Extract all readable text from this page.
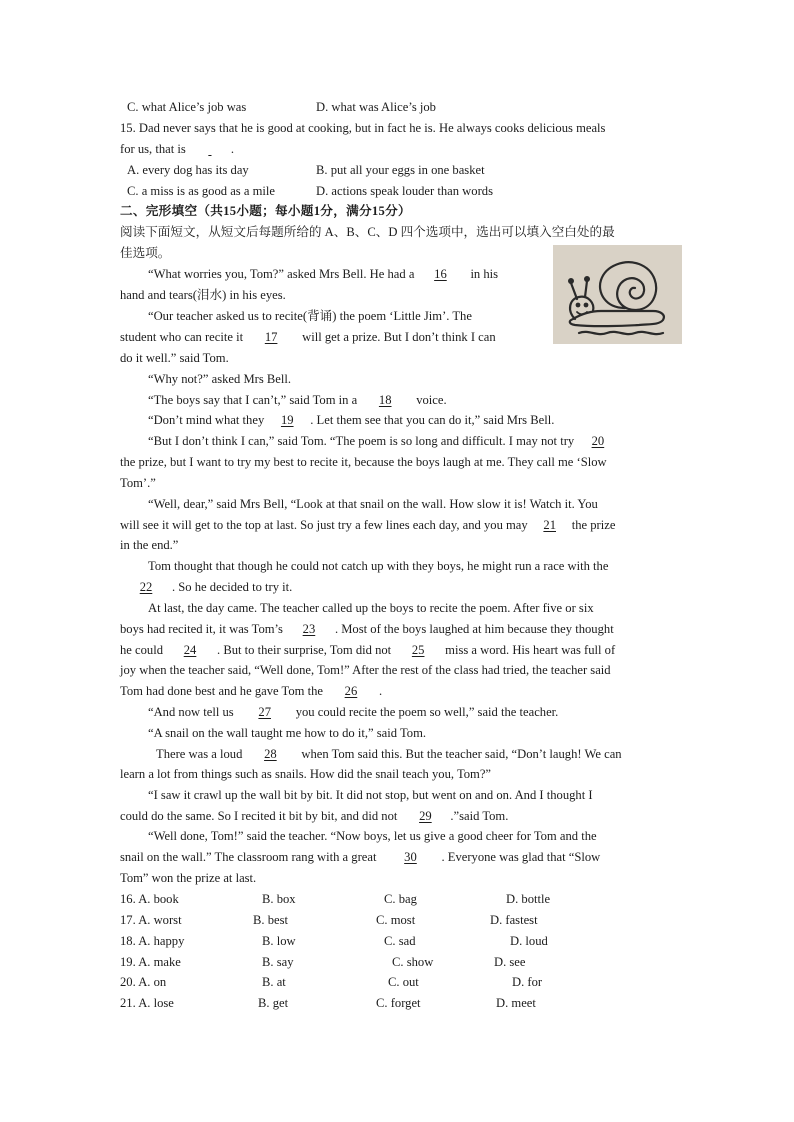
C. what Alice’s job was	D. what was Alice’s job
15. Dad never says that he is good at cooking, but in fact he is. He always cooks delicious meals
for us, that is	.
A. every dog has its day	B. put all your eggs in one basket
C. a miss is as good as a mile	D. actions speak louder than words
二、完形填空（共15小题；每小题1分，满分15分）
阅读下面短文，从短文后每题所给的 A、B、C、D 四个选项中，选出可以填入空白处的最
佳选项。
“What worries you, Tom?” asked Mrs Bell. He had a 16 in his
hand and tears(泪水) in his eyes.
“Our teacher asked us to recite(背诵) the poem ‘Little Jim’. The
student who can recite it 17 will get a prize. But I don’t think I can
do it well.” said Tom.
“Why not?” asked Mrs Bell.
“The boys say that I can’t,” said Tom in a 18 voice.
“Don’t mind what they 19 . Let them see that you can do it,” said Mrs Bell.
“But I don’t think I can,” said Tom. “The poem is so long and difficult. I may not try 20
the prize, but I want to try my best to recite it, because the boys laugh at me. They call me ‘Slow
Tom’.”
“Well, dear,” said Mrs Bell, “Look at that snail on the wall. How slow it is! Watch it. You
will see it will get to the top at last. So just try a few lines each day, and you may 21 the prize
in the end.”
Tom thought that though he could not catch up with they boys, he might run a race with the
22 . So he decided to try it.
At last, the day came. The teacher called up the boys to recite the poem. After five or six
boys had recited it, it was Tom’s 23 . Most of the boys laughed at him because they thought
he could 24 . But to their surprise, Tom did not 25 miss a word. His heart was full of
joy when the teacher said, “Well done, Tom!” After the rest of the class had tried, the teacher said
Tom had done best and he gave Tom the 26 .
“And now tell us 27 you could recite the poem so well,” said the teacher.
“A snail on the wall taught me how to do it,” said Tom.
There was a loud 28 when Tom said this. But the teacher said, “Don’t laugh! We can
learn a lot from things such as snails. How did the snail teach you, Tom?”
“I saw it crawl up the wall bit by bit. It did not stop, but went on and on. And I thought I
could do the same. So I recited it bit by bit, and did not 29 .”said Tom.
“Well done, Tom!” said the teacher. “Now boys, let us give a good cheer for Tom and the
snail on the wall.” The classroom rang with a great 30 . Everyone was glad that “Slow
Tom” won the prize at last.
16. A. book	B. box	C. bag	D. bottle
17. A. worst	B. best	C. most	D. fastest
18. A. happy	B. low	C. sad	D. loud
19. A. make	B. say	C. show	D. see
20. A. on	B. at	C. out	D. for
21. A. lose	B. get	C. forget	D. meet
